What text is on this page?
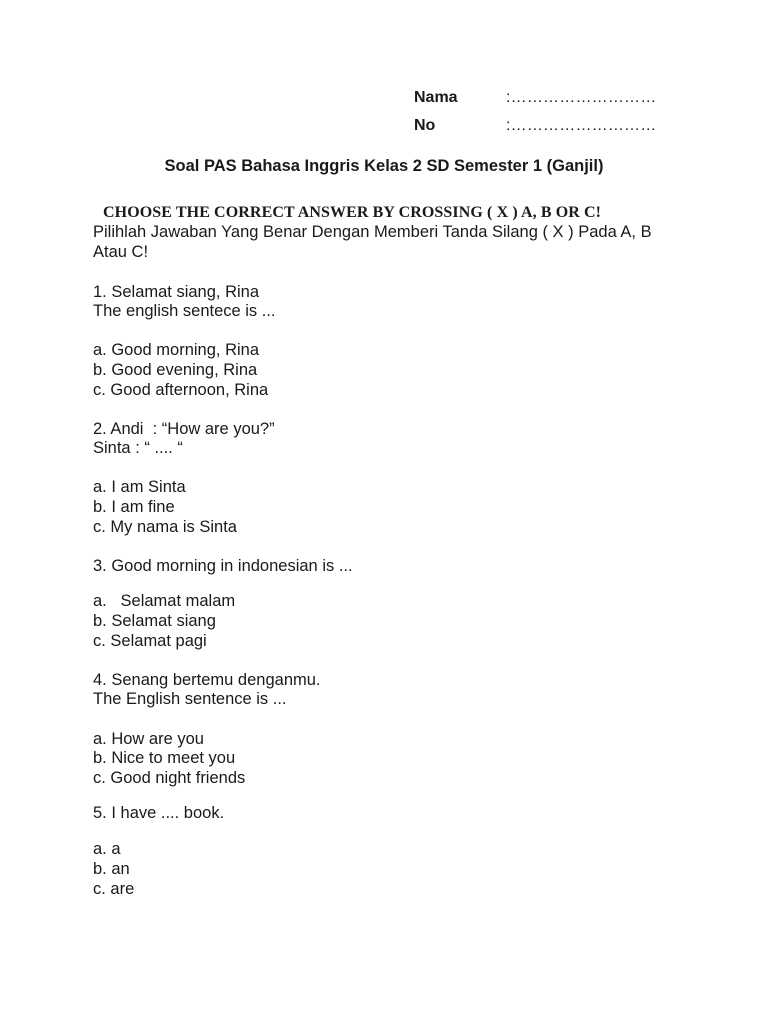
Nama	:………………………
No	:………………………
Soal PAS Bahasa Inggris Kelas 2 SD Semester 1 (Ganjil)
CHOOSE THE CORRECT ANSWER BY CROSSING ( X ) A, B OR C!
Pilihlah Jawaban Yang Benar Dengan Memberi Tanda Silang ( X ) Pada A, B Atau C!
1. Selamat siang, Rina
The english sentece is ...
a. Good morning, Rina
b. Good evening, Rina
c. Good afternoon, Rina
2. Andi  : “How are you?”
Sinta : “ .... “
a. I am Sinta
b. I am fine
c. My nama is Sinta
3. Good morning in indonesian is ...
a.   Selamat malam
b. Selamat siang
c. Selamat pagi
4. Senang bertemu denganmu.
The English sentence is ...
a. How are you
b. Nice to meet you
c. Good night friends
5. I have .... book.
a. a
b. an
c. are
